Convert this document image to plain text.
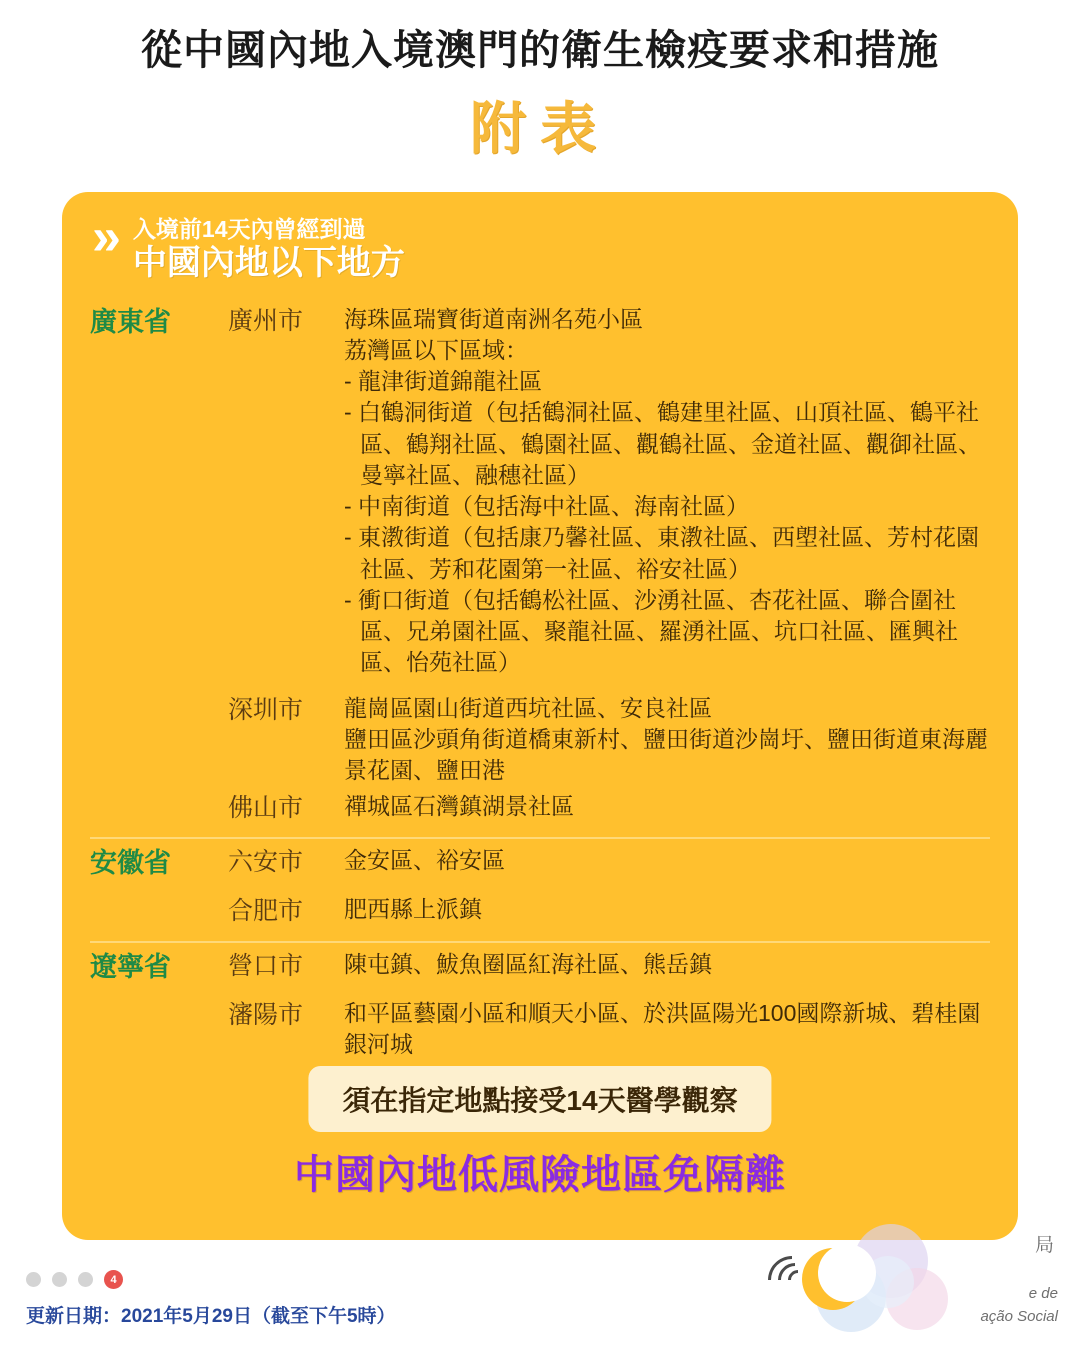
從中國內地入境澳門的衛生檢疫要求和措施
附表
»	入境前14天內曾經到過
中國內地以下地方
廣東省	廣州市	海珠區瑞寶街道南洲名苑小區
荔灣區以下區域：
- 龍津街道錦龍社區
- 白鶴洞街道（包括鶴洞社區、鶴建里社區、山頂社區、鶴平社區、鶴翔社區、鶴園社區、觀鶴社區、金道社區、觀御社區、曼寧社區、融穗社區）
- 中南街道（包括海中社區、海南社區）
- 東漖街道（包括康乃馨社區、東漖社區、西塱社區、芳村花園社區、芳和花園第一社區、裕安社區）
- 衝口街道（包括鶴松社區、沙湧社區、杏花社區、聯合圍社區、兄弟園社區、聚龍社區、羅湧社區、坑口社區、匯興社區、怡苑社區）
深圳市	龍崗區園山街道西坑社區、安良社區
鹽田區沙頭角街道橋東新村、鹽田街道沙崗圩、鹽田街道東海麗景花園、鹽田港
佛山市	禪城區石灣鎮湖景社區
安徽省	六安市	金安區、裕安區
合肥市	肥西縣上派鎮
遼寧省	營口市	陳屯鎮、鮁魚圈區紅海社區、熊岳鎮
瀋陽市	和平區藝園小區和順天小區、於洪區陽光100國際新城、碧桂園銀河城
須在指定地點接受14天醫學觀察
中國內地低風險地區免隔離
4
更新日期：2021年5月29日（截至下午5時）
局
e de
ação Social
